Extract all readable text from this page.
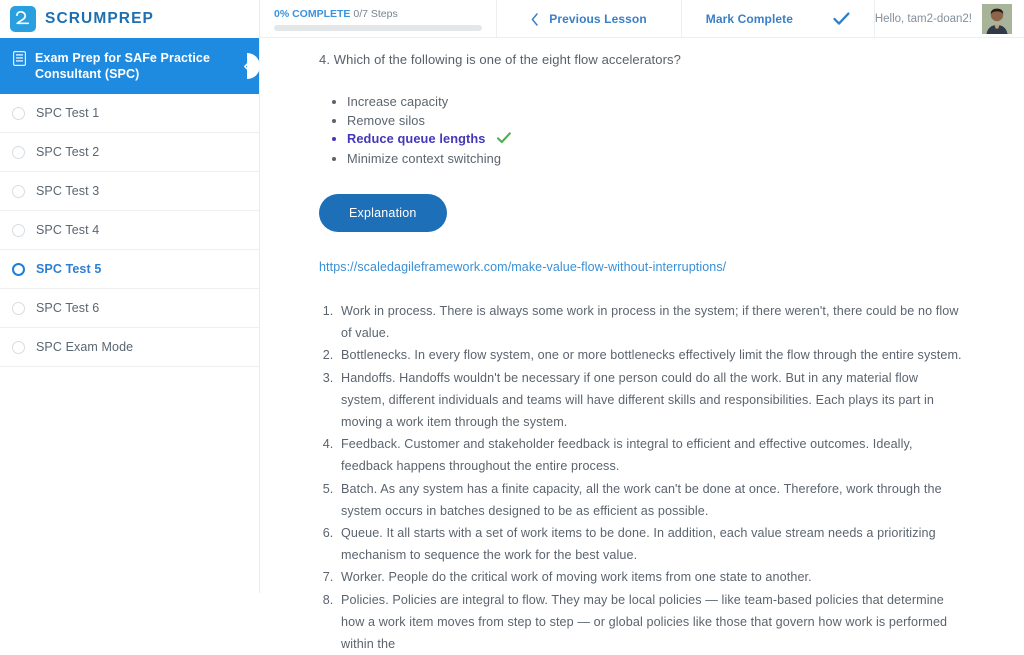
SCRUMPREP
Exam Prep for SAFe Practice Consultant (SPC)
SPC Test 1
SPC Test 2
SPC Test 3
SPC Test 4
SPC Test 5
SPC Test 6
SPC Exam Mode
0% COMPLETE 0/7 Steps	Previous Lesson	Mark Complete	Hello, tam2-doan2!

4. Which of the following is one of the eight flow accelerators?

• Increase capacity
• Remove silos
• Reduce queue lengths
• Minimize context switching
Explanation
https://scaledagileframework.com/make-value-flow-without-interruptions/
1. Work in process. There is always some work in process in the system; if there weren't, there could be no flow of value.
2. Bottlenecks. In every flow system, one or more bottlenecks effectively limit the flow through the entire system.
3. Handoffs. Handoffs wouldn't be necessary if one person could do all the work. But in any material flow system, different individuals and teams will have different skills and responsibilities. Each plays its part in moving a work item through the system.
4. Feedback. Customer and stakeholder feedback is integral to efficient and effective outcomes. Ideally, feedback happens throughout the entire process.
5. Batch. As any system has a finite capacity, all the work can't be done at once. Therefore, work through the system occurs in batches designed to be as efficient as possible.
6. Queue. It all starts with a set of work items to be done. In addition, each value stream needs a prioritizing mechanism to sequence the work for the best value.
7. Worker. People do the critical work of moving work items from one state to another.
8. Policies. Policies are integral to flow. They may be local policies — like team-based policies that determine how a work item moves from step to step — or global policies like those that govern how work is performed within the
